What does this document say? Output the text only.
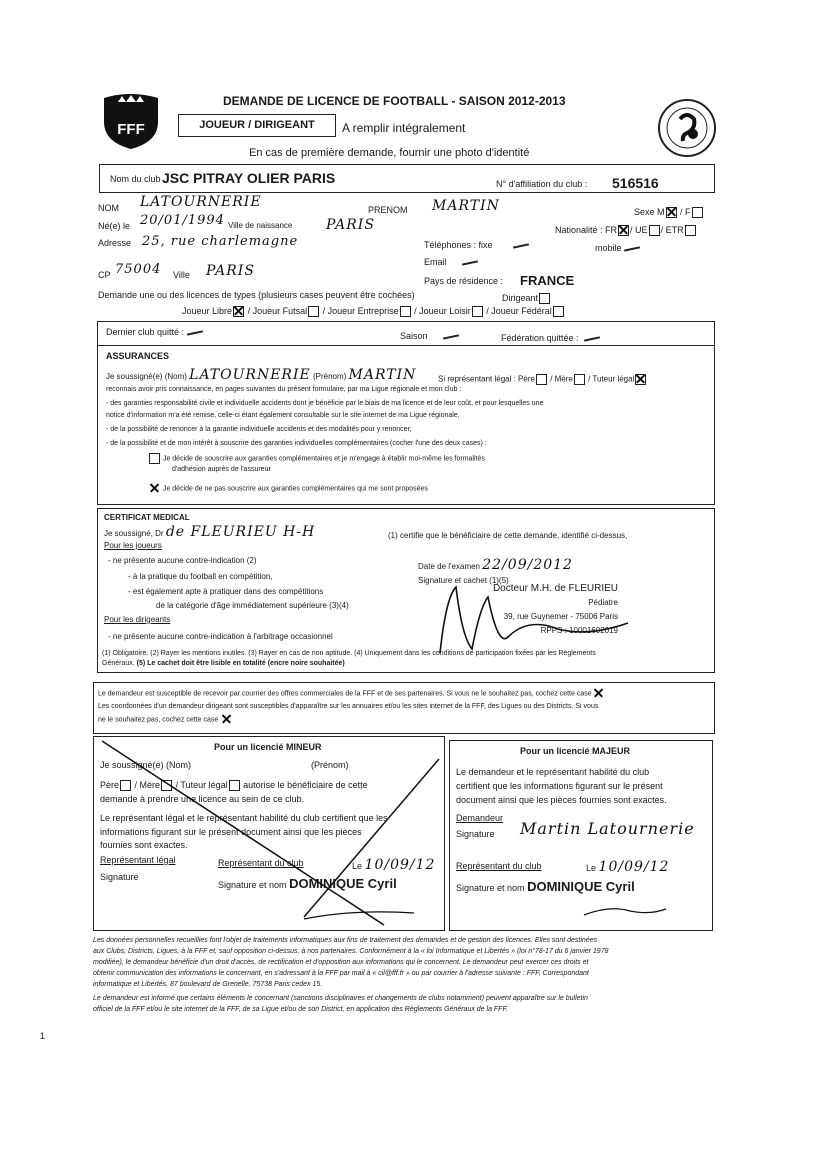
FFF
DEMANDE DE LICENCE DE FOOTBALL - SAISON 2012-2013
JOUEUR / DIRIGEANT	A remplir intégralement
En cas de première demande, fournir une photo d'identité
Nom du club JSC PITRAY OLIER PARIS	N° d'affiliation du club : 516516
NOM LATOURNERIE	PRENOM MARTIN	Sexe M / F
Né(e) le 20/01/1994 Ville de naissance PARIS	Nationalité : FR / UE / ETR
Adresse 25, rue charlemagne	Téléphones : fixe	mobile
Email
CP 75004 Ville PARIS
Pays de résidence : FRANCE
Demande une ou des licences de types (plusieurs cases peuvent être cochées)	Dirigeant
Joueur Libre / Joueur Futsal / Joueur Entreprise / Joueur Loisir / Joueur Fédéral
Dernier club quitté :	Saison	Fédération quittée :
ASSURANCES
Je soussigné(e) (Nom) LATOURNERIE (Prénom) MARTIN	Si représentant légal : Père / Mère / Tuteur légal
reconnais avoir pris connaissance, en pages suivantes du présent formulaire, par ma Ligue régionale et mon club :
- des garanties responsabilité civile et individuelle accidents dont je bénéficie par le biais de ma licence et de leur coût, et pour lesquelles une
notice d'information m'a été remise, celle-ci étant également consultable sur le site internet de ma Ligue régionale,
- de la possibilité de renoncer à la garantie individuelle accidents et des modalités pour y renoncer,
- de la possibilité et de mon intérêt à souscrire des garanties individuelles complémentaires (cocher l'une des deux cases) :
Je décide de souscrire aux garanties complémentaires et je m'engage à établir moi-même les formalités
d'adhésion auprès de l'assureur
Je décide de ne pas souscrire aux garanties complémentaires qui me sont proposées
CERTIFICAT MEDICAL
Je soussigné, Dr de FLEURIEU H-H	(1) certifie que le bénéficiaire de cette demande, identifié ci-dessus,
Pour les joueurs
- ne présente aucune contre-indication (2)
- à la pratique du football en compétition,
- est également apte à pratiquer dans des compétitions
de la catégorie d'âge immédiatement supérieure (3)(4)
Pour les dirigeants
- ne présente aucune contre-indication à l'arbitrage occasionnel
Date de l'examen 22/09/2012
Signature et cachet (1)(5)
Docteur M.H. de FLEURIEU
Pédiatre
39, rue Guynemer - 75006 Paris
RPPS : 10001602019
(1) Obligatoire. (2) Rayer les mentions inutiles. (3) Rayer en cas de non aptitude. (4) Uniquement dans les conditions de participation fixées par les Règlements
Généraux. (5) Le cachet doit être lisible en totalité (encre noire souhaitée)
Le demandeur est susceptible de recevoir par courrier des offres commerciales de la FFF et de ses partenaires. Si vous ne le souhaitez pas, cochez cette case
Les coordonnées d'un demandeur dirigeant sont susceptibles d'apparaître sur les annuaires et/ou les sites internet de la FFF, des Ligues ou des Districts. Si vous
ne le souhaitez pas, cochez cette case
Pour un licencié MINEUR
Je soussigné(e) (Nom)	(Prénom)
Père / Mère / Tuteur légal autorise le bénéficiaire de cette
demande à prendre une licence au sein de ce club.
Le représentant légal et le représentant habilité du club certifient que les
informations figurant sur le présent document ainsi que les pièces
fournies sont exactes.
Représentant légal	Représentant du club	Le 10/09/12
Signature
Signature et nom DOMINIQUE Cyril
Pour un licencié MAJEUR
Le demandeur et le représentant habilité du club
certifient que les informations figurant sur le présent
document ainsi que les pièces fournies sont exactes.
Demandeur
Signature Martin Latournerie
Représentant du club	Le 10/09/12
Signature et nom DOMINIQUE Cyril
Les données personnelles recueillies font l'objet de traitements informatiques aux fins de traitement des demandes et de gestion des licences. Elles sont destinées
aux Clubs, Districts, Ligues, à la FFF et, sauf opposition ci-dessus, à nos partenaires. Conformément à la « loi Informatique et Libertés » (loi n°78-17 du 6 janvier 1978
modifiée), le demandeur bénéficie d'un droit d'accès, de rectification et d'opposition aux informations qui le concernent. Le demandeur peut exercer ces droits et
obtenir communication des informations le concernant, en s'adressant à la FFF par mail à « cil@fff.fr » ou par courrier à l'adresse suivante : FFF, Correspondant
informatique et Libertés, 87 boulevard de Grenelle, 75738 Paris cedex 15.
Le demandeur est informé que certains éléments le concernant (sanctions disciplinaires et changements de clubs notamment) peuvent apparaître sur le bulletin
officiel de la FFF et/ou le site internet de la FFF, de sa Ligue et/ou de son District, en application des Règlements Généraux de la FFF.
1
